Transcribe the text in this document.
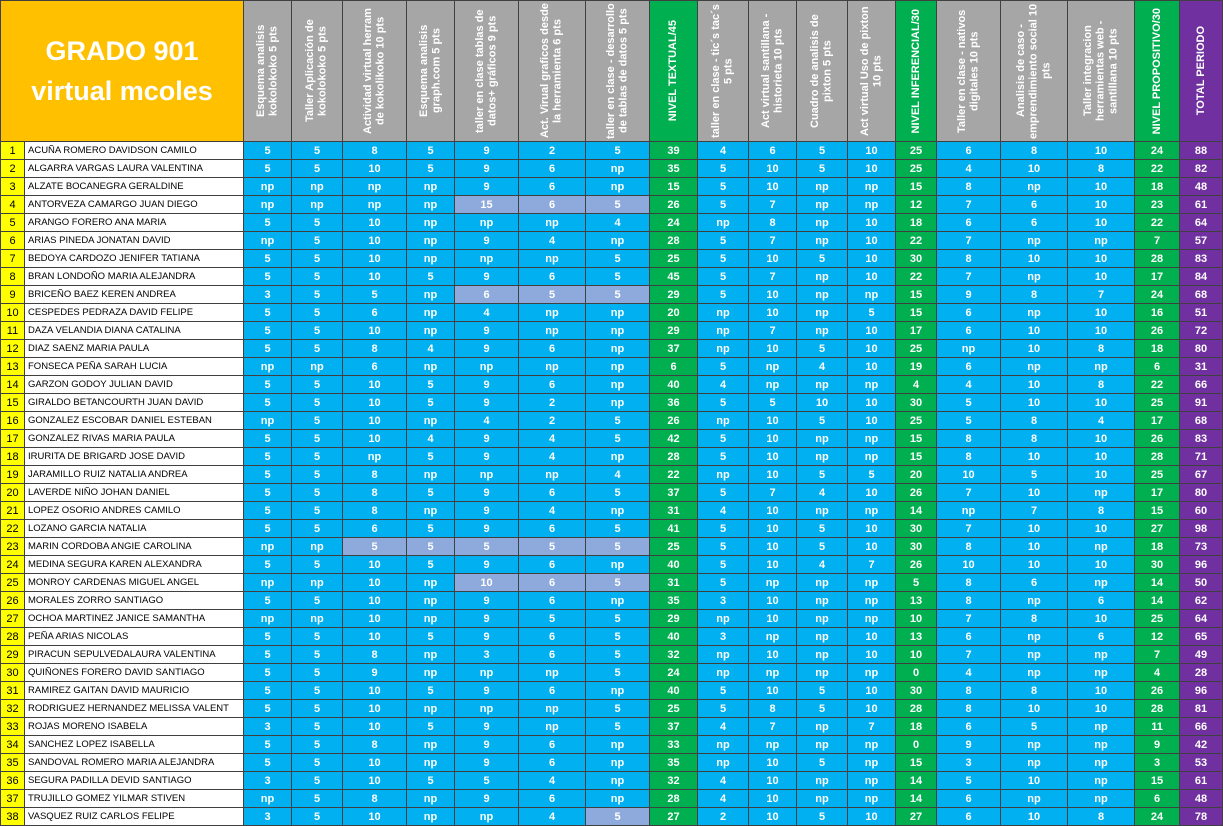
GRADO 901
virtual mcoles		Esquema analisis kokolokoko 5 pts	Taller Aplicación de kokolokoko 5 pts	Actividad virtual herram de kokolikoko 10 pts	Esquema analisis graph.com 5 pts	taller en clase tablas de datos+ gráficos 9 pts	Act. Virual graficos desde la herramienta 6 pts	taller en clase - desarrollo de tablas de datos 5 pts	NIVEL TEXTUAL/45	taller en clase - tic´s tac´s 5 pts	Act virtual santillana - historieta 10 pts	Cuadro de analisis de pixton 5 pts	Act virtual Uso de pixton 10 pts	NIVEL INFERENCIAL/30	Taller en clase - nativos digitales 10 pts	Analisis de caso - emprendimiento social 10 pts	Taller integracion herramientas web - santillana 10 pts	NIVEL PROPOSITIVO/30	TOTAL PERIODO

1	ACUÑA ROMERO DAVIDSON CAMILO	5	5	8	5	9	2	5	39	4	6	5	10	25	6	8	10	24	88
2	ALGARRA VARGAS LAURA VALENTINA	5	5	10	5	9	6	np	35	5	10	5	10	25	4	10	8	22	82
3	ALZATE BOCANEGRA GERALDINE	np	np	np	np	9	6	np	15	5	10	np	np	15	8	np	10	18	48
4	ANTORVEZA CAMARGO JUAN DIEGO	np	np	np	np	15	6	5	26	5	7	np	np	12	7	6	10	23	61
5	ARANGO FORERO ANA MARIA	5	5	10	np	np	np	4	24	np	8	np	10	18	6	6	10	22	64
6	ARIAS PINEDA JONATAN DAVID	np	5	10	np	9	4	np	28	5	7	np	10	22	7	np	np	7	57
7	BEDOYA CARDOZO JENIFER TATIANA	5	5	10	np	np	np	5	25	5	10	5	10	30	8	10	10	28	83
8	BRAN LONDOÑO MARIA ALEJANDRA	5	5	10	5	9	6	5	45	5	7	np	10	22	7	np	10	17	84
9	BRICEÑO BAEZ KEREN ANDREA	3	5	5	np	6	5	5	29	5	10	np	np	15	9	8	7	24	68
10	CESPEDES PEDRAZA DAVID FELIPE	5	5	6	np	4	np	np	20	np	10	np	5	15	6	np	10	16	51
11	DAZA VELANDIA DIANA CATALINA	5	5	10	np	9	np	np	29	np	7	np	10	17	6	10	10	26	72
12	DIAZ SAENZ MARIA PAULA	5	5	8	4	9	6	np	37	np	10	5	10	25	np	10	8	18	80
13	FONSECA PEÑA SARAH LUCIA	np	np	6	np	np	np	np	6	5	np	4	10	19	6	np	np	6	31
14	GARZON GODOY JULIAN DAVID	5	5	10	5	9	6	np	40	4	np	np	np	4	4	10	8	22	66
15	GIRALDO BETANCOURTH JUAN DAVID	5	5	10	5	9	2	np	36	5	5	10	10	30	5	10	10	25	91
16	GONZALEZ ESCOBAR DANIEL ESTEBAN	np	5	10	np	4	2	5	26	np	10	5	10	25	5	8	4	17	68
17	GONZALEZ RIVAS MARIA PAULA	5	5	10	4	9	4	5	42	5	10	np	np	15	8	8	10	26	83
18	IRURITA DE BRIGARD JOSE DAVID	5	5	np	5	9	4	np	28	5	10	np	np	15	8	10	10	28	71
19	JARAMILLO RUIZ NATALIA ANDREA	5	5	8	np	np	np	4	22	np	10	5	5	20	10	5	10	25	67
20	LAVERDE NIÑO JOHAN DANIEL	5	5	8	5	9	6	5	37	5	7	4	10	26	7	10	np	17	80
21	LOPEZ OSORIO ANDRES CAMILO	5	5	8	np	9	4	np	31	4	10	np	np	14	np	7	8	15	60
22	LOZANO GARCIA NATALIA	5	5	6	5	9	6	5	41	5	10	5	10	30	7	10	10	27	98
23	MARIN CORDOBA ANGIE CAROLINA	np	np	5	5	5	5	5	25	5	10	5	10	30	8	10	np	18	73
24	MEDINA SEGURA KAREN ALEXANDRA	5	5	10	5	9	6	np	40	5	10	4	7	26	10	10	10	30	96
25	MONROY CARDENAS MIGUEL ANGEL	np	np	10	np	10	6	5	31	5	np	np	np	5	8	6	np	14	50
26	MORALES ZORRO SANTIAGO	5	5	10	np	9	6	np	35	3	10	np	np	13	8	np	6	14	62
27	OCHOA MARTINEZ JANICE SAMANTHA	np	np	10	np	9	5	5	29	np	10	np	np	10	7	8	10	25	64
28	PEÑA ARIAS NICOLAS	5	5	10	5	9	6	5	40	3	np	np	10	13	6	np	6	12	65
29	PIRACUN SEPULVEDALAURA VALENTINA	5	5	8	np	3	6	5	32	np	10	np	10	10	7	np	np	7	49
30	QUIÑONES FORERO DAVID SANTIAGO	5	5	9	np	np	np	5	24	np	np	np	np	0	4	np	np	4	28
31	RAMIREZ GAITAN DAVID MAURICIO	5	5	10	5	9	6	np	40	5	10	5	10	30	8	8	10	26	96
32	RODRIGUEZ HERNANDEZ MELISSA VALENT	5	5	10	np	np	np	5	25	5	8	5	10	28	8	10	10	28	81
33	ROJAS MORENO ISABELA	3	5	10	5	9	np	5	37	4	7	np	7	18	6	5	np	11	66
34	SANCHEZ LOPEZ ISABELLA	5	5	8	np	9	6	np	33	np	np	np	np	0	9	np	np	9	42
35	SANDOVAL ROMERO MARIA ALEJANDRA	5	5	10	np	9	6	np	35	np	10	5	np	15	3	np	np	3	53
36	SEGURA PADILLA DEVID SANTIAGO	3	5	10	5	5	4	np	32	4	10	np	np	14	5	10	np	15	61
37	TRUJILLO GOMEZ YILMAR STIVEN	np	5	8	np	9	6	np	28	4	10	np	np	14	6	np	np	6	48
38	VASQUEZ RUIZ CARLOS FELIPE	3	5	10	np	np	4	5	27	2	10	5	10	27	6	10	8	24	78
